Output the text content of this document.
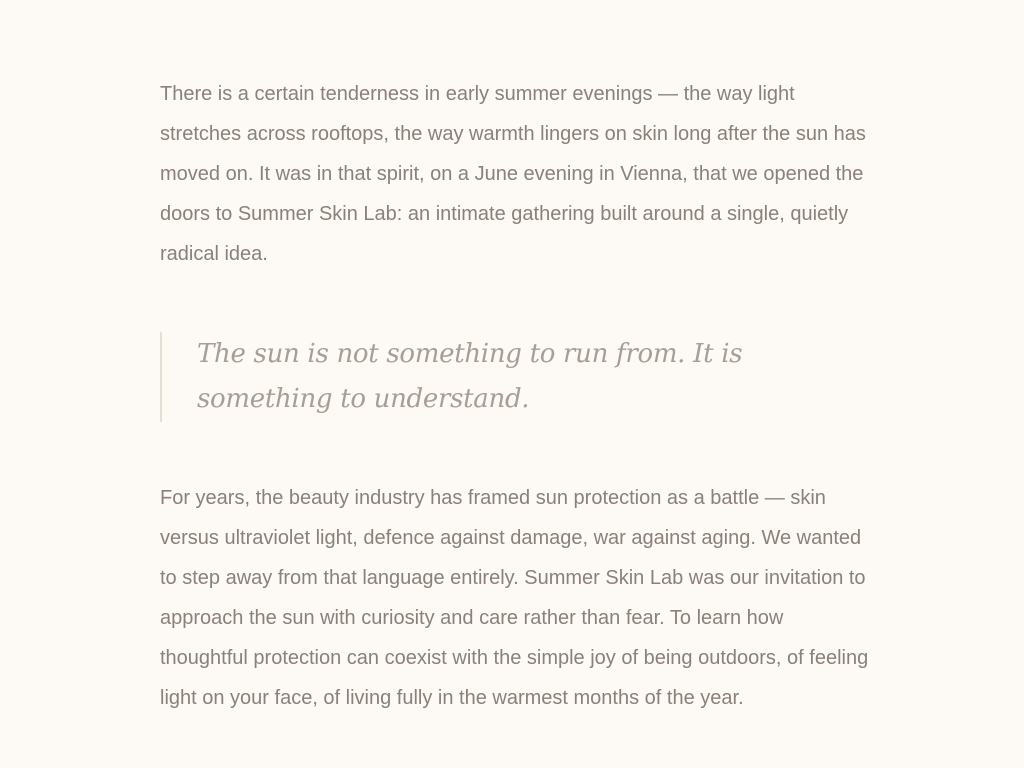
There is a certain tenderness in early summer evenings — the way light stretches across rooftops, the way warmth lingers on skin long after the sun has moved on. It was in that spirit, on a June evening in Vienna, that we opened the doors to Summer Skin Lab: an intimate gathering built around a single, quietly radical idea.

The sun is not something to run from. It is something to understand.

For years, the beauty industry has framed sun protection as a battle — skin versus ultraviolet light, defence against damage, war against aging. We wanted to step away from that language entirely. Summer Skin Lab was our invitation to approach the sun with curiosity and care rather than fear. To learn how thoughtful protection can coexist with the simple joy of being outdoors, of feeling light on your face, of living fully in the warmest months of the year.
